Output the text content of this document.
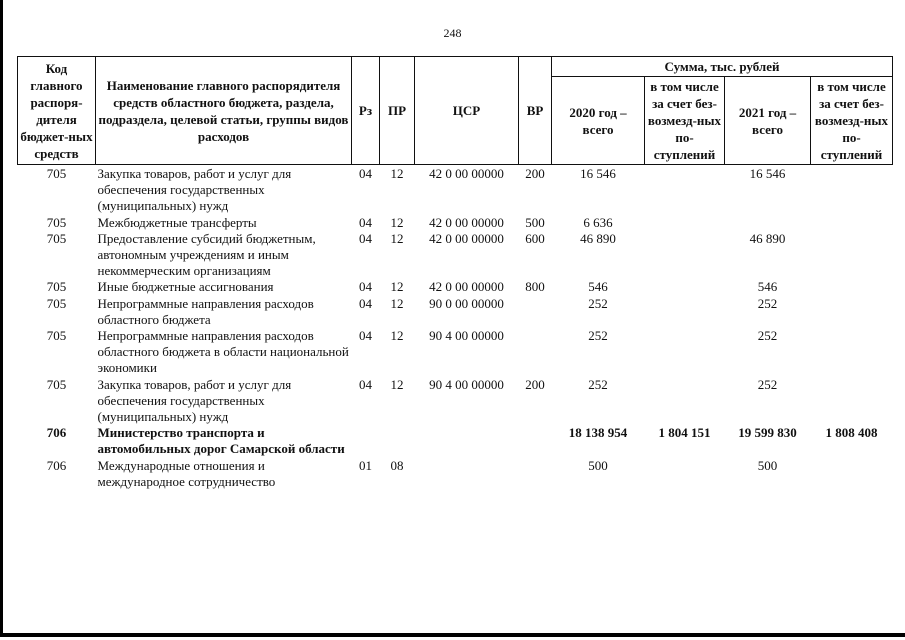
248
Код главного распоря-дителя бюджет-ных средств	Наименование главного распорядителя средств областного бюджета, раздела, подраздела, целевой статьи, группы видов расходов	Рз	ПР	ЦСР	ВР	Сумма, тыс. рублей			
						2020 год – всего	в том числе за счет без-возмезд-ных по-ступлений	2021 год – всего	в том числе за счет без-возмезд-ных по-ступлений
705	Закупка товаров, работ и услуг для обеспечения государственных (муниципальных) нужд	04	12	42 0 00 00000	200	16 546		16 546	
705	Межбюджетные трансферты	04	12	42 0 00 00000	500	6 636			
705	Предоставление субсидий бюджетным, автономным учреждениям и иным некоммерческим организациям	04	12	42 0 00 00000	600	46 890		46 890	
705	Иные бюджетные ассигнования	04	12	42 0 00 00000	800	546		546	
705	Непрограммные направления расходов областного бюджета	04	12	90 0 00 00000		252		252	
705	Непрограммные направления расходов областного бюджета в области национальной экономики	04	12	90 4 00 00000		252		252	
705	Закупка товаров, работ и услуг для обеспечения государственных (муниципальных) нужд	04	12	90 4 00 00000	200	252		252	
706	Министерство транспорта и автомобильных дорог Самарской области					18 138 954	1 804 151	19 599 830	1 808 408
706	Международные отношения и международное сотрудничество	01	08			500		500	
